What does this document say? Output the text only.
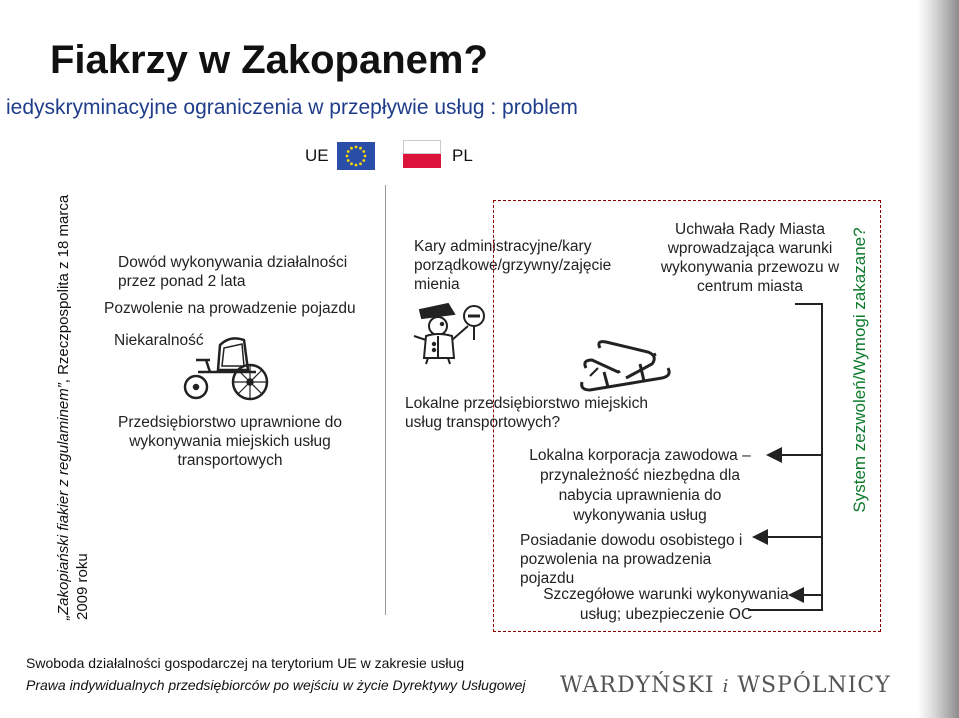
Fiakrzy w Zakopanem?
iedyskryminacyjne ograniczenia w przepływie usług : problem
UE	PL
„Zakopiański fiakier z regulaminem”, Rzeczpospolita z 18 marca
2009 roku
Dowód wykonywania działalności przez ponad 2 lata
Pozwolenie na prowadzenie pojazdu
Niekaralność
Przedsiębiorstwo uprawnione do wykonywania miejskich usług transportowych
Kary administracyjne/kary porządkowe/grzywny/zajęcie mienia
Lokalne przedsiębiorstwo miejskich usług transportowych?
Uchwała Rady Miasta wprowadzająca warunki wykonywania przewozu w centrum miasta
Lokalna korporacja zawodowa – przynależność niezbędna dla nabycia uprawnienia do wykonywania usług
Posiadanie dowodu osobistego i pozwolenia na prowadzenia pojazdu
Szczegółowe warunki wykonywania usług; ubezpieczenie OC
System zezwoleń/Wymogi zakazane?
Swoboda działalności gospodarczej na terytorium UE w zakresie usług
Prawa indywidualnych przedsiębiorców po wejściu w życie Dyrektywy Usługowej WARDYŃSKI i WSPÓLNICY
